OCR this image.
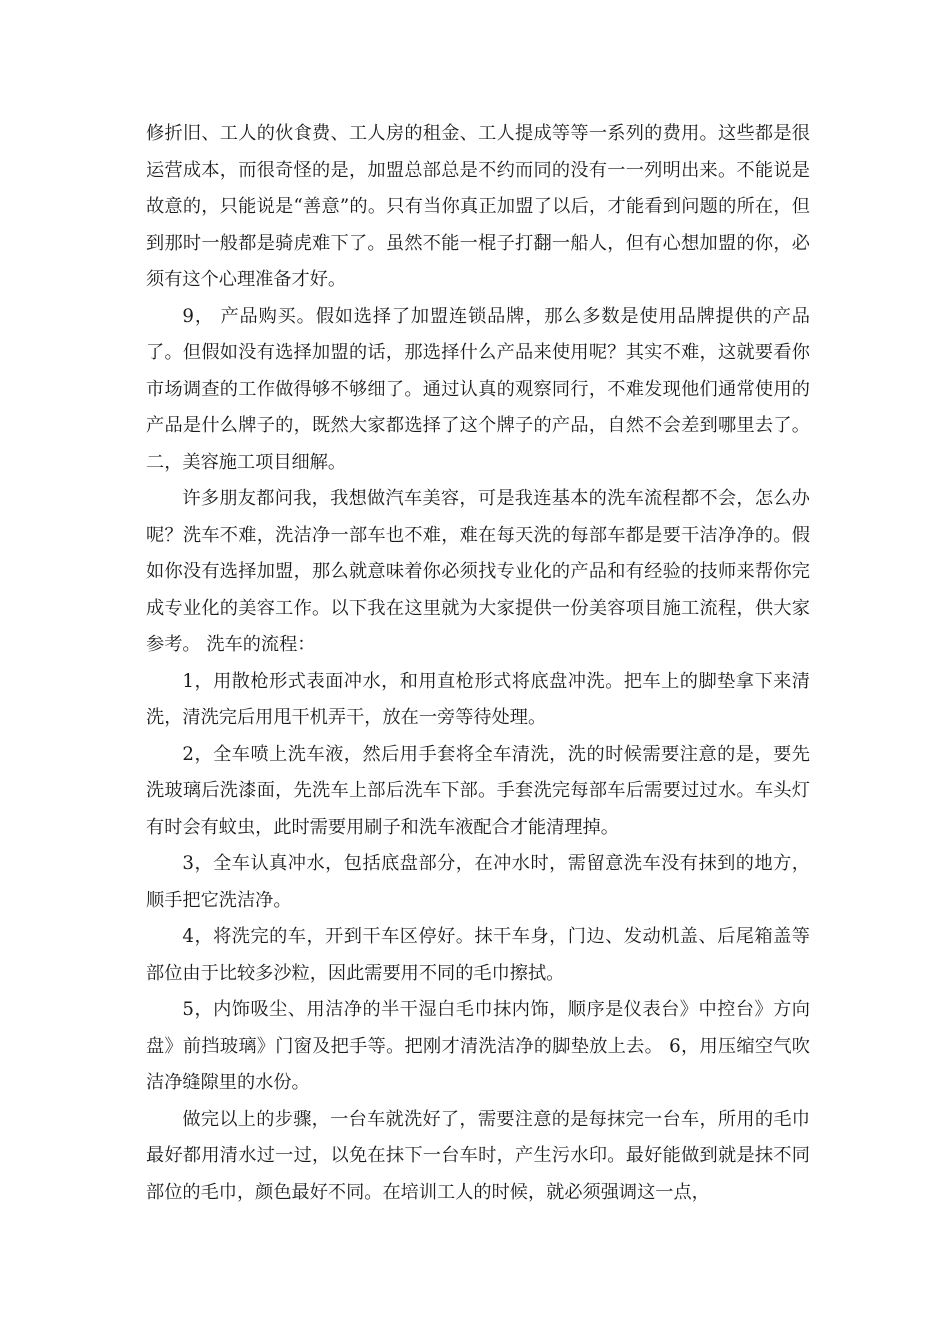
修折旧、工人的伙食费、工人房的租金、工人提成等等一系列的费用。这些都是很运营成本，而很奇怪的是，加盟总部总是不约而同的没有一一列明出来。不能说是故意的，只能说是“善意”的。只有当你真正加盟了以后，才能看到问题的所在，但到那时一般都是骑虎难下了。虽然不能一棍子打翻一船人，但有心想加盟的你，必须有这个心理准备才好。

9， 产品购买。假如选择了加盟连锁品牌，那么多数是使用品牌提供的产品了。但假如没有选择加盟的话，那选择什么产品来使用呢？其实不难，这就要看你市场调查的工作做得够不够细了。通过认真的观察同行，不难发现他们通常使用的产品是什么牌子的，既然大家都选择了这个牌子的产品，自然不会差到哪里去了。 二，美容施工项目细解。

许多朋友都问我，我想做汽车美容，可是我连基本的洗车流程都不会，怎么办呢？洗车不难，洗洁净一部车也不难，难在每天洗的每部车都是要干洁净净的。假如你没有选择加盟，那么就意味着你必须找专业化的产品和有经验的技师来帮你完成专业化的美容工作。以下我在这里就为大家提供一份美容项目施工流程，供大家参考。 洗车的流程：

1，用散枪形式表面冲水，和用直枪形式将底盘冲洗。把车上的脚垫拿下来清洗，清洗完后用甩干机弄干，放在一旁等待处理。

2，全车喷上洗车液，然后用手套将全车清洗，洗的时候需要注意的是，要先洗玻璃后洗漆面，先洗车上部后洗车下部。手套洗完每部车后需要过过水。车头灯有时会有蚊虫，此时需要用刷子和洗车液配合才能清理掉。

3，全车认真冲水，包括底盘部分，在冲水时，需留意洗车没有抹到的地方，顺手把它洗洁净。

4，将洗完的车，开到干车区停好。抹干车身，门边、发动机盖、后尾箱盖等部位由于比较多沙粒，因此需要用不同的毛巾擦拭。

5，内饰吸尘、用洁净的半干湿白毛巾抹内饰，顺序是仪表台》中控台》方向盘》前挡玻璃》门窗及把手等。把刚才清洗洁净的脚垫放上去。 6，用压缩空气吹洁净缝隙里的水份。

做完以上的步骤，一台车就洗好了，需要注意的是每抹完一台车，所用的毛巾最好都用清水过一过，以免在抹下一台车时，产生污水印。最好能做到就是抹不同部位的毛巾，颜色最好不同。在培训工人的时候，就必须强调这一点，
